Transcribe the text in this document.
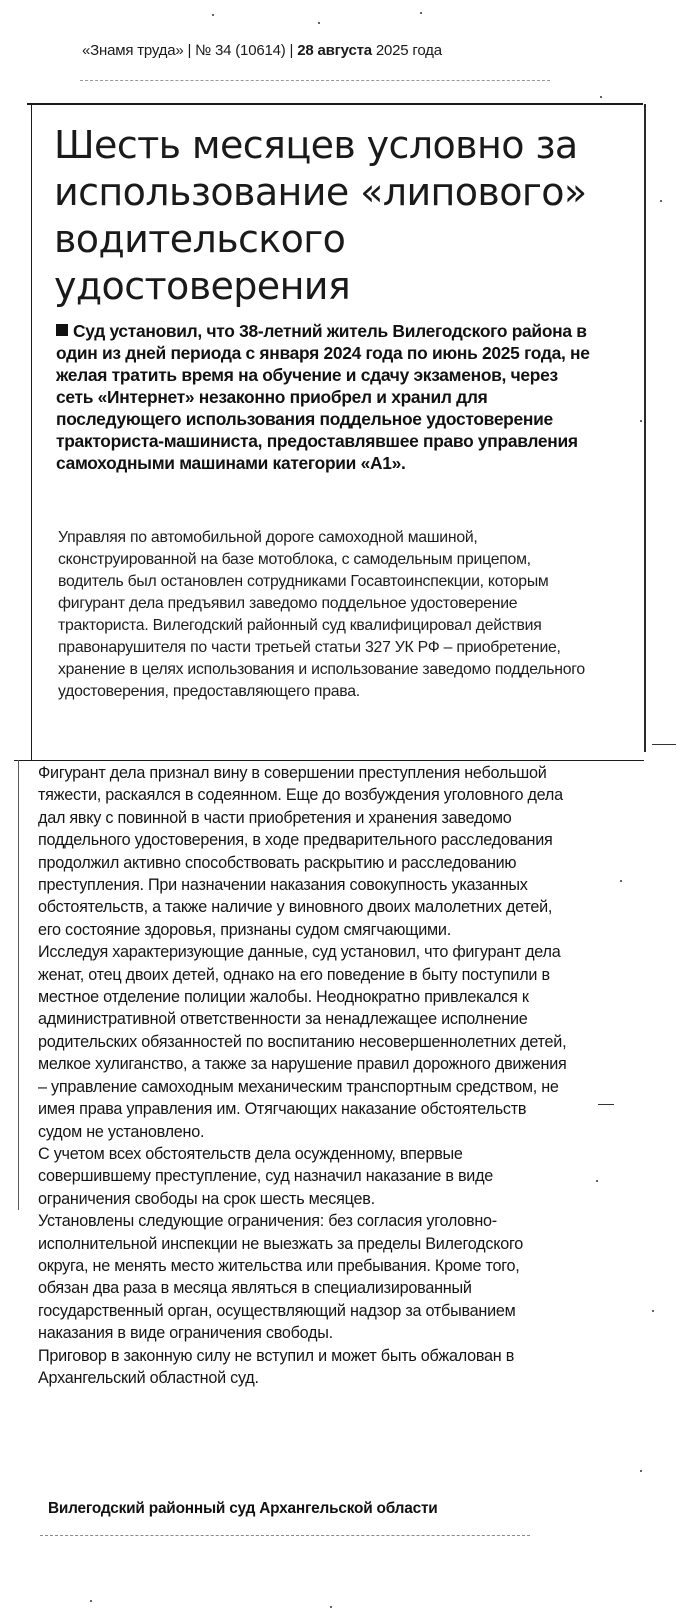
«Знамя труда» | № 34 (10614) | 28 августа 2025 года
Шесть месяцев условно за использование «липового» водительского удостоверения

Суд установил, что 38-летний житель Вилегодского района в один из дней периода с января 2024 года по июнь 2025 года, не желая тратить время на обучение и сдачу экзаменов, через сеть «Интернет» незаконно приобрел и хранил для последующего использования поддельное удостоверение тракториста-машиниста, предоставлявшее право управления самоходными машинами категории «А1».

Управляя по автомобильной дороге самоходной машиной, сконструированной на базе мотоблока, с самодельным прицепом, водитель был остановлен сотрудниками Госавтоинспекции, которым фигурант дела предъявил заведомо поддельное удостоверение тракториста. Вилегодский районный суд квалифицировал действия правонарушителя по части третьей статьи 327 УК РФ – приобретение, хранение в целях использования и использование заведомо поддельного удостоверения, предоставляющего права.

Фигурант дела признал вину в совершении преступления небольшой тяжести, раскаялся в содеянном. Еще до возбуждения уголовного дела дал явку с повинной в части приобретения и хранения заведомо поддельного удостоверения, в ходе предварительного расследования продолжил активно способствовать раскрытию и расследованию преступления. При назначении наказания совокупность указанных обстоятельств, а также наличие у виновного двоих малолетних детей, его состояние здоровья, признаны судом смягчающими.

Исследуя характеризующие данные, суд установил, что фигурант дела женат, отец двоих детей, однако на его поведение в быту поступили в местное отделение полиции жалобы. Неоднократно привлекался к административной ответственности за ненадлежащее исполнение родительских обязанностей по воспитанию несовершеннолетних детей, мелкое хулиганство, а также за нарушение правил дорожного движения – управление самоходным механическим транспортным средством, не имея права управления им. Отягчающих наказание обстоятельств судом не установлено.

С учетом всех обстоятельств дела осужденному, впервые совершившему преступление, суд назначил наказание в виде ограничения свободы на срок шесть месяцев.

Установлены следующие ограничения: без согласия уголовно-исполнительной инспекции не выезжать за пределы Вилегодского округа, не менять место жительства или пребывания. Кроме того, обязан два раза в месяца являться в специализированный государственный орган, осуществляющий надзор за отбыванием наказания в виде ограничения свободы.

Приговор в законную силу не вступил и может быть обжалован в Архангельский областной суд.

Вилегодский районный суд Архангельской области
